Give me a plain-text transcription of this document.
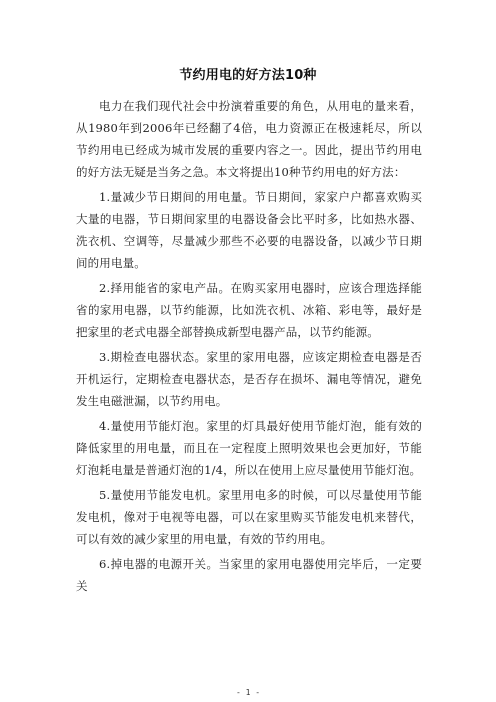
节约用电的好方法10种

电力在我们现代社会中扮演着重要的角色，从用电的量来看，从1980年到2006年已经翻了4倍，电力资源正在极速耗尽，所以节约用电已经成为城市发展的重要内容之一。因此，提出节约用电的好方法无疑是当务之急。本文将提出10种节约用电的好方法：

1.量减少节日期间的用电量。节日期间，家家户户都喜欢购买大量的电器，节日期间家里的电器设备会比平时多，比如热水器、洗衣机、空调等，尽量减少那些不必要的电器设备，以减少节日期间的用电量。

2.择用能省的家电产品。在购买家用电器时，应该合理选择能省的家用电器，以节约能源，比如洗衣机、冰箱、彩电等，最好是把家里的老式电器全部替换成新型电器产品，以节约能源。

3.期检查电器状态。家里的家用电器，应该定期检查电器是否开机运行，定期检查电器状态，是否存在损坏、漏电等情况，避免发生电磁泄漏，以节约用电。

4.量使用节能灯泡。家里的灯具最好使用节能灯泡，能有效的降低家里的用电量，而且在一定程度上照明效果也会更加好，节能灯泡耗电量是普通灯泡的1/4，所以在使用上应尽量使用节能灯泡。

5.量使用节能发电机。家里用电多的时候，可以尽量使用节能发电机，像对于电视等电器，可以在家里购买节能发电机来替代，可以有效的减少家里的用电量，有效的节约用电。

6.掉电器的电源开关。当家里的家用电器使用完毕后，一定要关

- 1 -
